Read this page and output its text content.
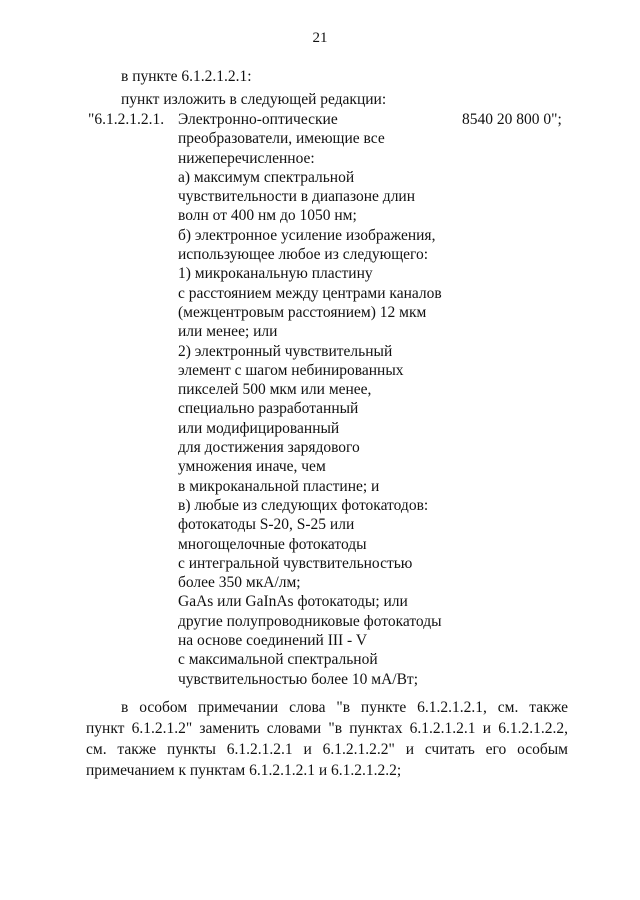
21
в пункте 6.1.2.1.2.1:
пункт изложить в следующей редакции:
"6.1.2.1.2.1.	8540 20 800 0";
Электронно-оптические
преобразователи, имеющие все
нижеперечисленное:
а) максимум спектральной
чувствительности в диапазоне длин
волн от 400 нм до 1050 нм;
б) электронное усиление изображения,
использующее любое из следующего:
1) микроканальную пластину
с расстоянием между центрами каналов
(межцентровым расстоянием) 12 мкм
или менее; или
2) электронный чувствительный
элемент с шагом небинированных
пикселей 500 мкм или менее,
специально разработанный
или модифицированный
для достижения зарядового
умножения иначе, чем
в микроканальной пластине; и
в) любые из следующих фотокатодов:
фотокатоды S-20, S-25 или
многощелочные фотокатоды
с интегральной чувствительностью
более 350 мкА/лм;
GaAs или GaInAs фотокатоды; или
другие полупроводниковые фотокатоды
на основе соединений III - V
с максимальной спектральной
чувствительностью более 10 мА/Вт;
в особом примечании слова "в пункте 6.1.2.1.2.1, см. также
пункт 6.1.2.1.2" заменить словами "в пунктах 6.1.2.1.2.1 и 6.1.2.1.2.2,
см. также пункты 6.1.2.1.2.1 и 6.1.2.1.2.2" и считать его особым
примечанием к пунктам 6.1.2.1.2.1 и 6.1.2.1.2.2;
